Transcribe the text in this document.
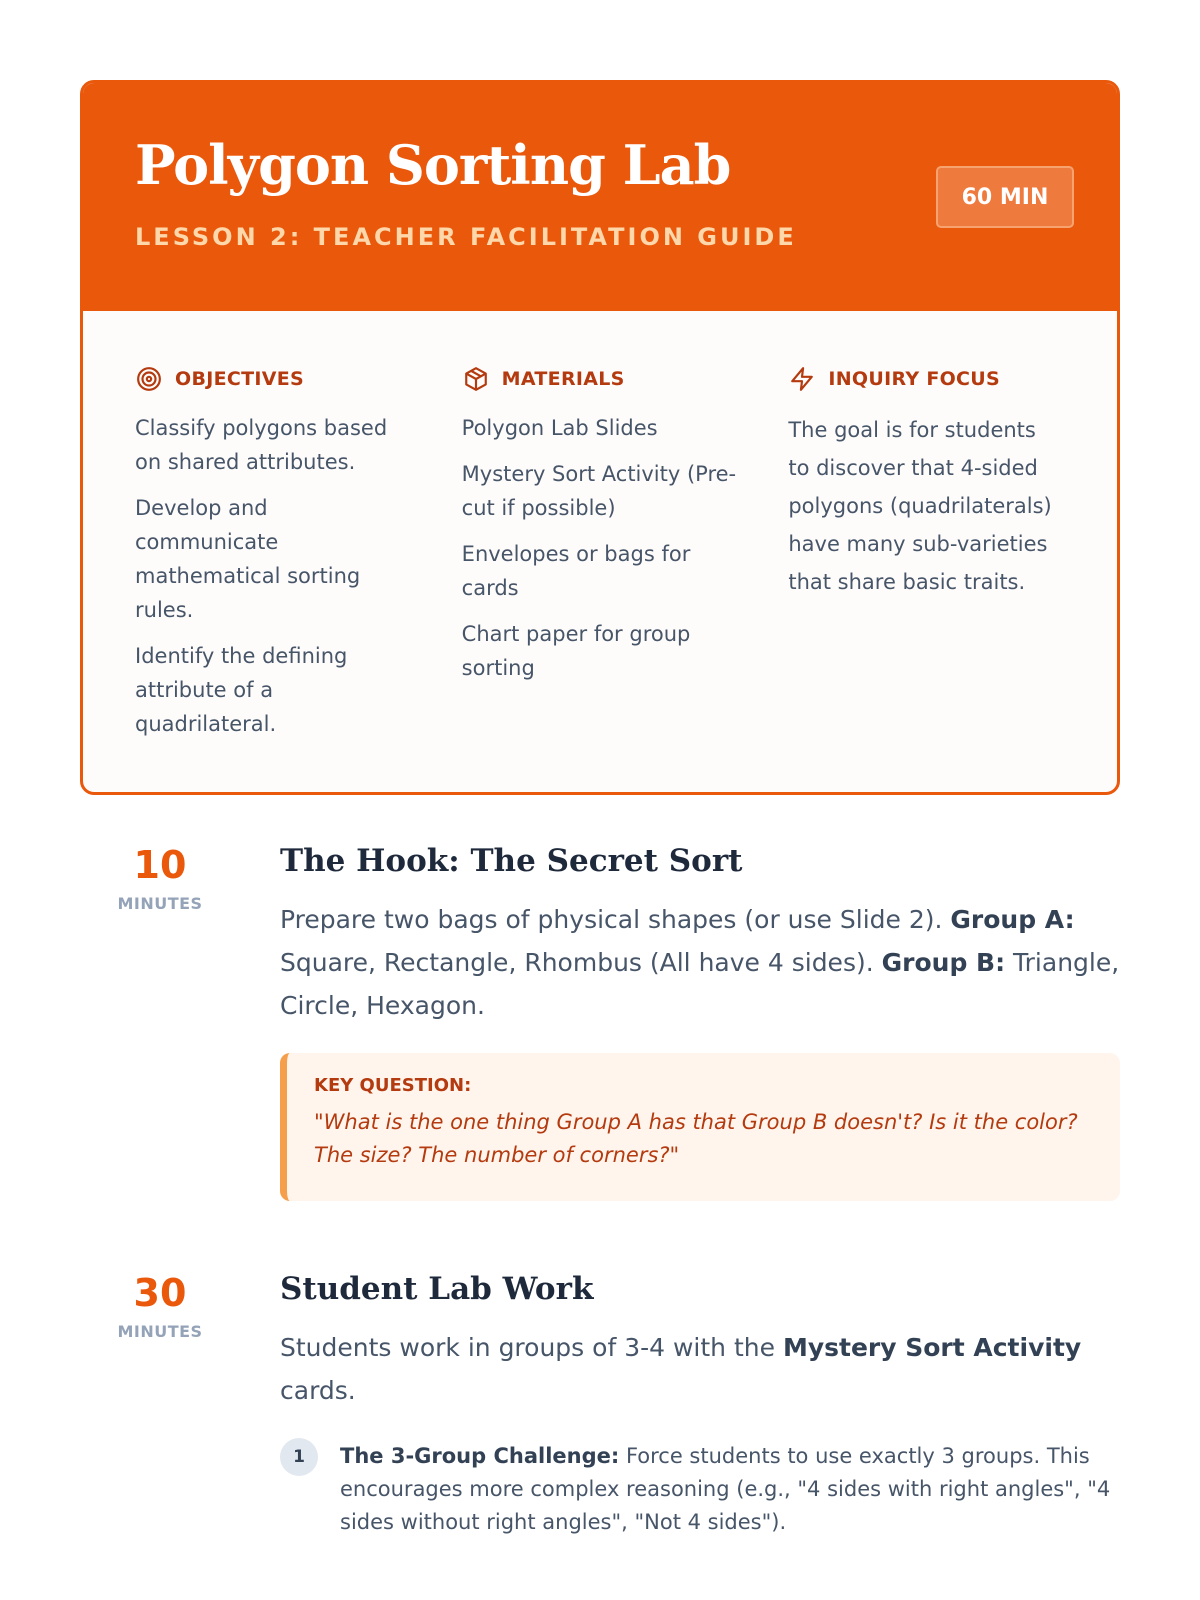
Polygon Sorting Lab
LESSON 2: TEACHER FACILITATION GUIDE
60 MIN
OBJECTIVES
Classify polygons based on shared attributes.
Develop and communicate mathematical sorting rules.
Identify the defining attribute of a quadrilateral.
MATERIALS
Polygon Lab Slides
Mystery Sort Activity (Pre-cut if possible)
Envelopes or bags for cards
Chart paper for group sorting
INQUIRY FOCUS
The goal is for students to discover that 4-sided polygons (quadrilaterals) have many sub-varieties that share basic traits.
10
MINUTES
The Hook: The Secret Sort
Prepare two bags of physical shapes (or use Slide 2). Group A: Square, Rectangle, Rhombus (All have 4 sides). Group B: Triangle, Circle, Hexagon.
KEY QUESTION:
"What is the one thing Group A has that Group B doesn't? Is it the color? The size? The number of corners?"
30
MINUTES
Student Lab Work
Students work in groups of 3-4 with the Mystery Sort Activity cards.
1	The 3-Group Challenge: Force students to use exactly 3 groups. This encourages more complex reasoning (e.g., "4 sides with right angles", "4 sides without right angles", "Not 4 sides").
